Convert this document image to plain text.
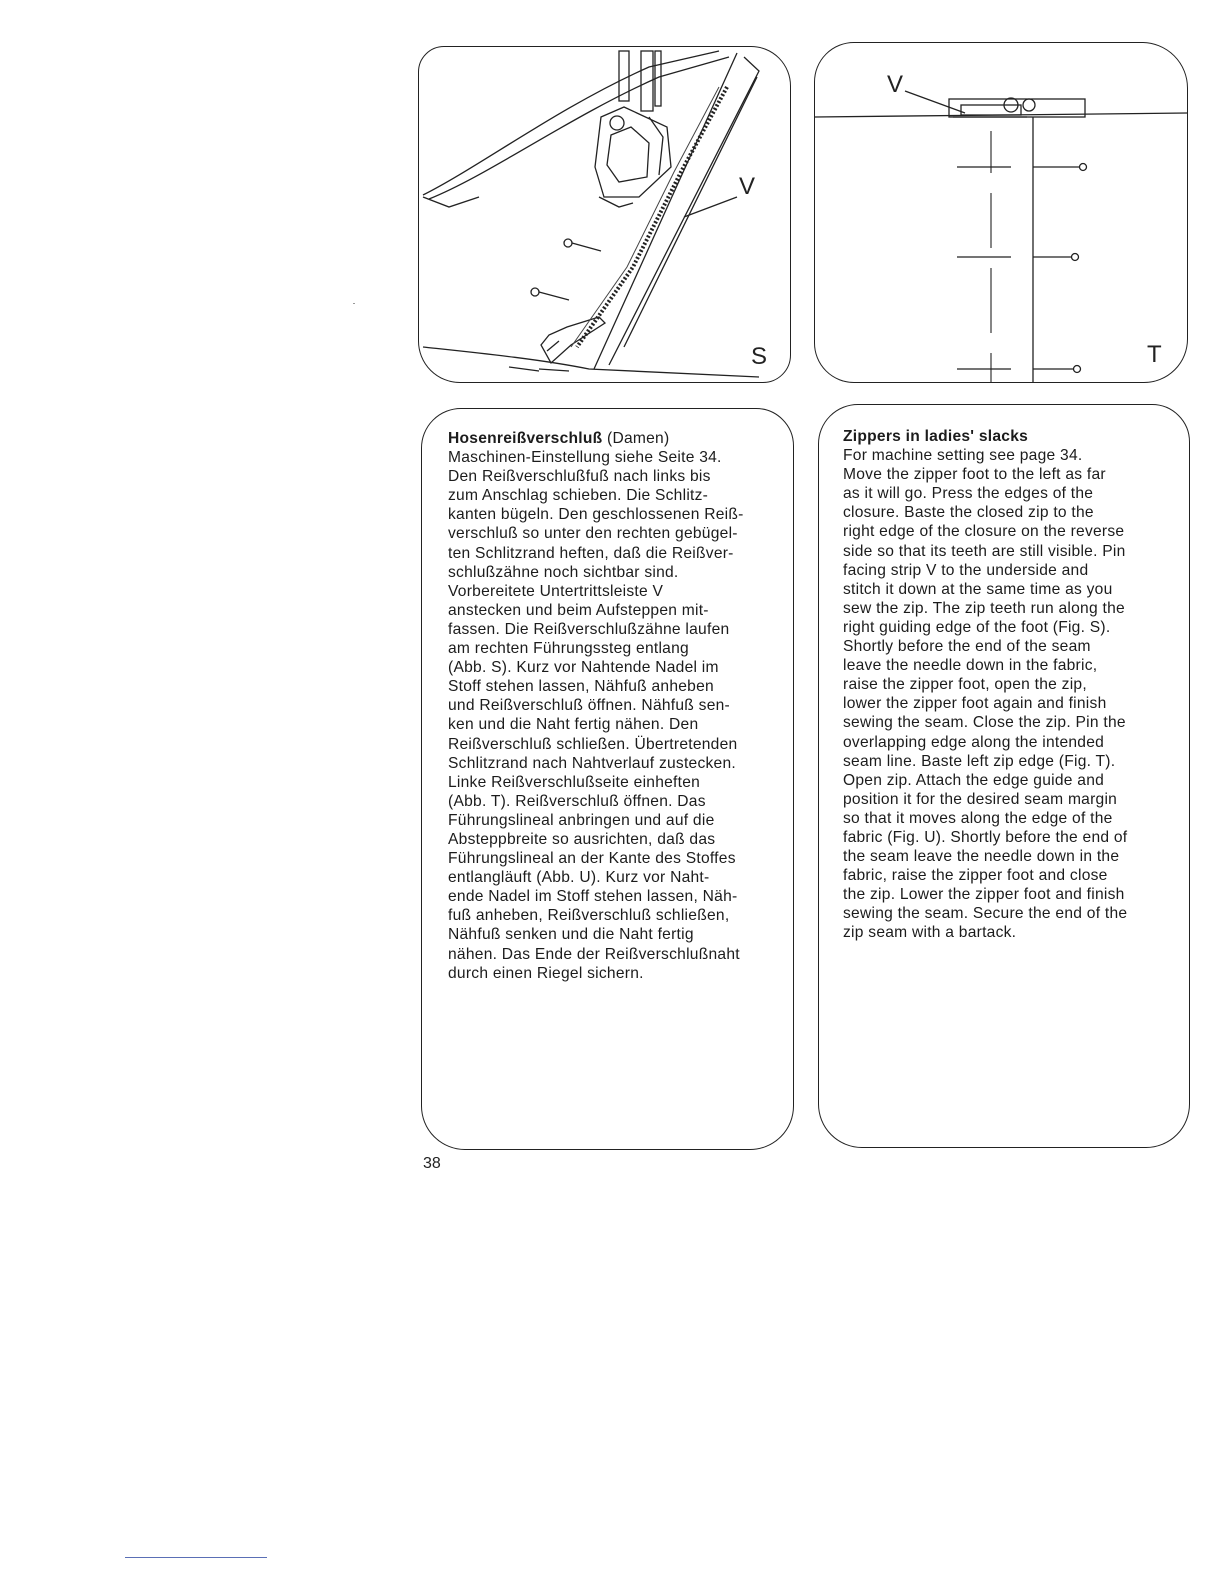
V
S
V
T
Hosenreißverschluß (Damen)
Maschinen-Einstellung siehe Seite 34.
Den Reißverschlußfuß nach links bis
zum Anschlag schieben. Die Schlitz-
kanten bügeln. Den geschlossenen Reiß-
verschluß so unter den rechten gebügel-
ten Schlitzrand heften, daß die Reißver-
schlußzähne noch sichtbar sind.
Vorbereitete Untertrittsleiste V
anstecken und beim Aufsteppen mit-
fassen. Die Reißverschlußzähne laufen
am rechten Führungssteg entlang
(Abb. S). Kurz vor Nahtende Nadel im
Stoff stehen lassen, Nähfuß anheben
und Reißverschluß öffnen. Nähfuß sen-
ken und die Naht fertig nähen. Den
Reißverschluß schließen. Übertretenden
Schlitzrand nach Nahtverlauf zustecken.
Linke Reißverschlußseite einheften
(Abb. T). Reißverschluß öffnen. Das
Führungslineal anbringen und auf die
Absteppbreite so ausrichten, daß das
Führungslineal an der Kante des Stoffes
entlangläuft (Abb. U). Kurz vor Naht-
ende Nadel im Stoff stehen lassen, Näh-
fuß anheben, Reißverschluß schließen,
Nähfuß senken und die Naht fertig
nähen. Das Ende der Reißverschlußnaht
durch einen Riegel sichern.
Zippers in ladies' slacks
For machine setting see page 34.
Move the zipper foot to the left as far
as it will go. Press the edges of the
closure. Baste the closed zip to the
right edge of the closure on the reverse
side so that its teeth are still visible. Pin
facing strip V to the underside and
stitch it down at the same time as you
sew the zip. The zip teeth run along the
right guiding edge of the foot (Fig. S).
Shortly before the end of the seam
leave the needle down in the fabric,
raise the zipper foot, open the zip,
lower the zipper foot again and finish
sewing the seam. Close the zip. Pin the
overlapping edge along the intended
seam line. Baste left zip edge (Fig. T).
Open zip. Attach the edge guide and
position it for the desired seam margin
so that it moves along the edge of the
fabric (Fig. U). Shortly before the end of
the seam leave the needle down in the
fabric, raise the zipper foot and close
the zip. Lower the zipper foot and finish
sewing the seam. Secure the end of the
zip seam with a bartack.
38
